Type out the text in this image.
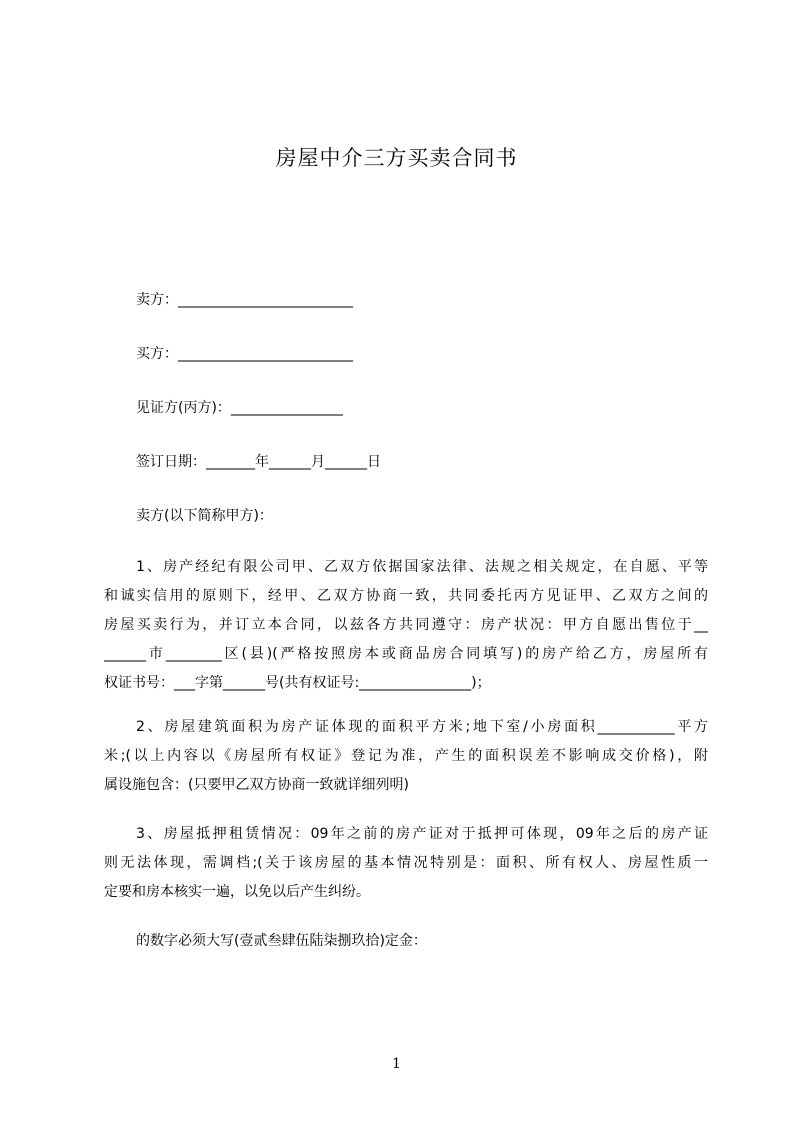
房屋中介三方买卖合同书
卖方：_________________________
买方：_________________________
见证方(丙方)：________________
签订日期：_______年______月______日
卖方(以下简称甲方)：
1、房产经纪有限公司甲、乙双方依据国家法律、法规之相关规定，在自愿、平等
和诚实信用的原则下，经甲、乙双方协商一致，共同委托丙方见证甲、乙双方之间的
房屋买卖行为，并订立本合同，以兹各方共同遵守：房产状况：甲方自愿出售位于__
______市________区(县)(严格按照房本或商品房合同填写)的房产给乙方，房屋所有
权证书号：___字第______号(共有权证号:________________)；
2、房屋建筑面积为房产证体现的面积平方米;地下室/小房面积___________平方
米;(以上内容以《房屋所有权证》登记为准，产生的面积误差不影响成交价格)，附
属设施包含：(只要甲乙双方协商一致就详细列明)
3、房屋抵押租赁情况：09年之前的房产证对于抵押可体现，09年之后的房产证
则无法体现，需调档;(关于该房屋的基本情况特别是：面积、所有权人、房屋性质一
定要和房本核实一遍，以免以后产生纠纷。
的数字必须大写(壹贰叁肆伍陆柒捌玖拾)定金：
1
